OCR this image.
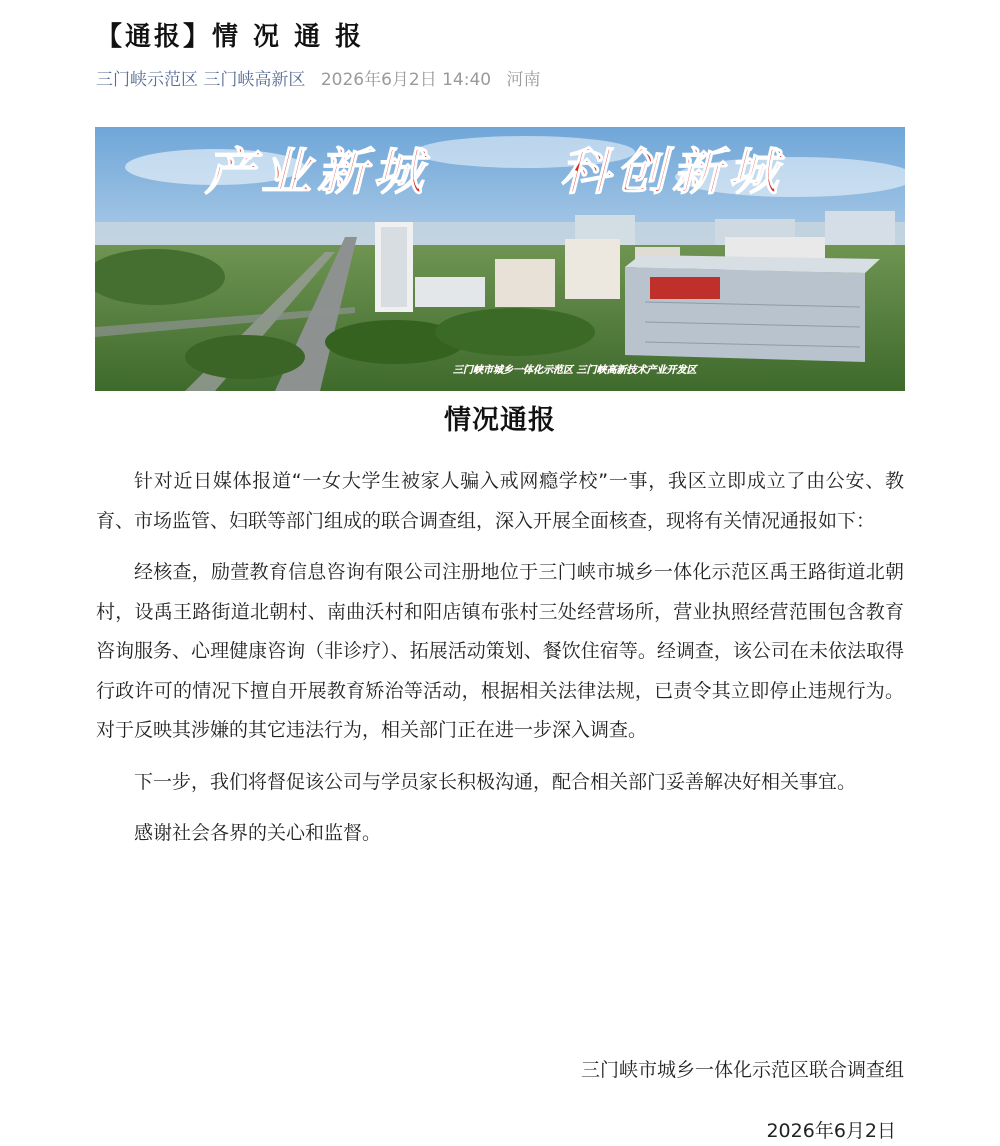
【通报】情 况 通 报
三门峡示范区 三门峡高新区 2026年6月2日 14:40 河南
产业新城	科创新城
三门峡市城乡一体化示范区 三门峡高新技术产业开发区
情况通报

针对近日媒体报道“一女大学生被家人骗入戒网瘾学校”一事，我区立即成立了由公安、教育、市场监管、妇联等部门组成的联合调查组，深入开展全面核查，现将有关情况通报如下：

经核查，励萱教育信息咨询有限公司注册地位于三门峡市城乡一体化示范区禹王路街道北朝村，设禹王路街道北朝村、南曲沃村和阳店镇布张村三处经营场所，营业执照经营范围包含教育咨询服务、心理健康咨询（非诊疗）、拓展活动策划、餐饮住宿等。经调查，该公司在未依法取得行政许可的情况下擅自开展教育矫治等活动，根据相关法律法规，已责令其立即停止违规行为。对于反映其涉嫌的其它违法行为，相关部门正在进一步深入调查。

下一步，我们将督促该公司与学员家长积极沟通，配合相关部门妥善解决好相关事宜。

感谢社会各界的关心和监督。

三门峡市城乡一体化示范区联合调查组
2026年6月2日
